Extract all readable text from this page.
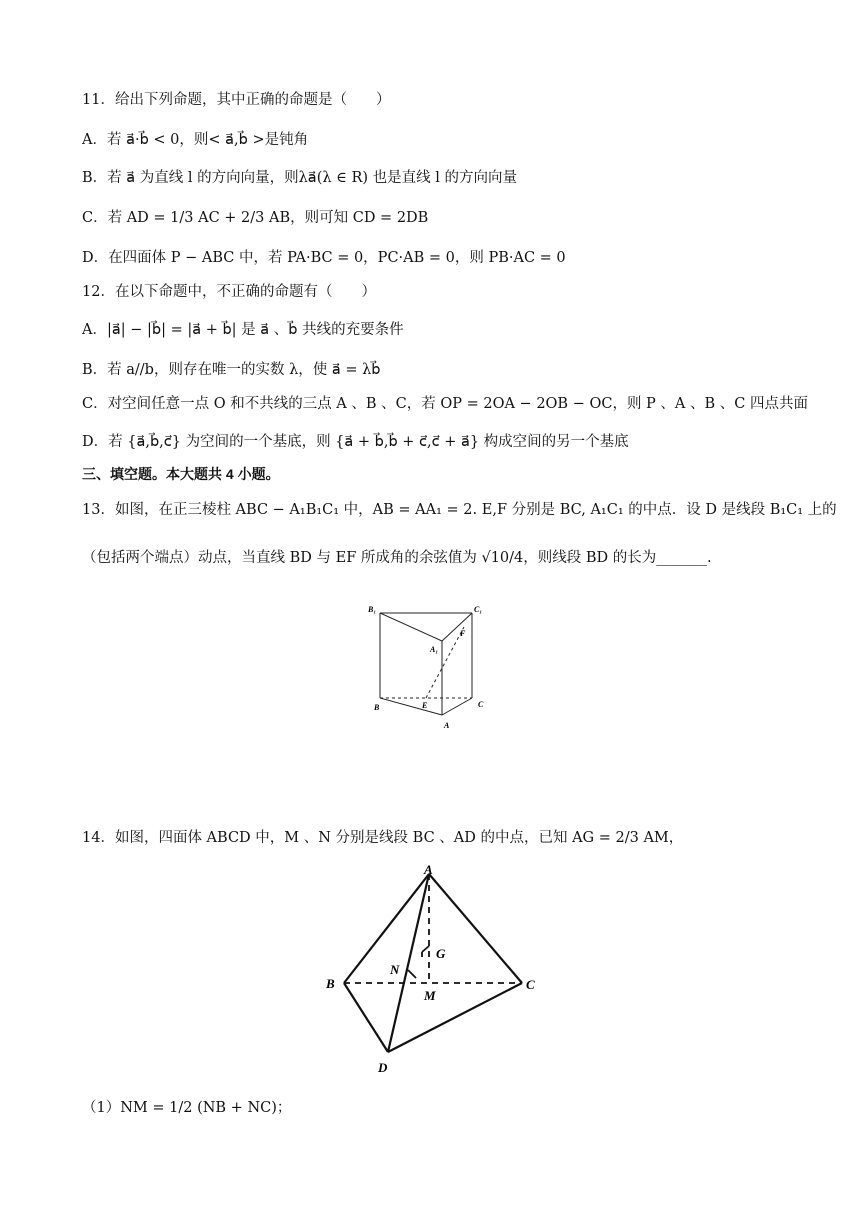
11．给出下列命题，其中正确的命题是（　　）
A．若 a⃗·b⃗ < 0，则< a⃗,b⃗ >是钝角
B．若 a⃗ 为直线 l 的方向向量，则λa⃗(λ ∈ R) 也是直线 l 的方向向量
C．若 AD = 1/3 AC + 2/3 AB，则可知 CD = 2DB
D．在四面体 P − ABC 中，若 PA·BC = 0，PC·AB = 0，则 PB·AC = 0
12．在以下命题中，不正确的命题有（　　）
A．|a⃗| − |b⃗| = |a⃗ + b⃗| 是 a⃗ 、b⃗ 共线的充要条件
B．若 a//b，则存在唯一的实数 λ，使 a⃗ = λb⃗
C．对空间任意一点 O 和不共线的三点 A 、B 、C，若 OP = 2OA − 2OB − OC，则 P 、A 、B 、C 四点共面
D．若 {a⃗,b⃗,c⃗} 为空间的一个基底，则 {a⃗ + b⃗,b⃗ + c⃗,c⃗ + a⃗} 构成空间的另一个基底
三、填空题。本大题共 4 小题。
13．如图，在正三棱柱 ABC − A₁B₁C₁ 中，AB = AA₁ = 2. E,F 分别是 BC, A₁C₁ 的中点．设 D 是线段 B₁C₁ 上的
（包括两个端点）动点，当直线 BD 与 EF 所成角的余弦值为 √10/4，则线段 BD 的长为_______.
B₁	C₁
A₁
F
B	E	C
A
14．如图，四面体 ABCD 中，M 、N 分别是线段 BC 、AD 的中点，已知 AG = 2/3 AM，
A
B	C
D
G
N
M
（1）NM = 1/2 (NB + NC)；
